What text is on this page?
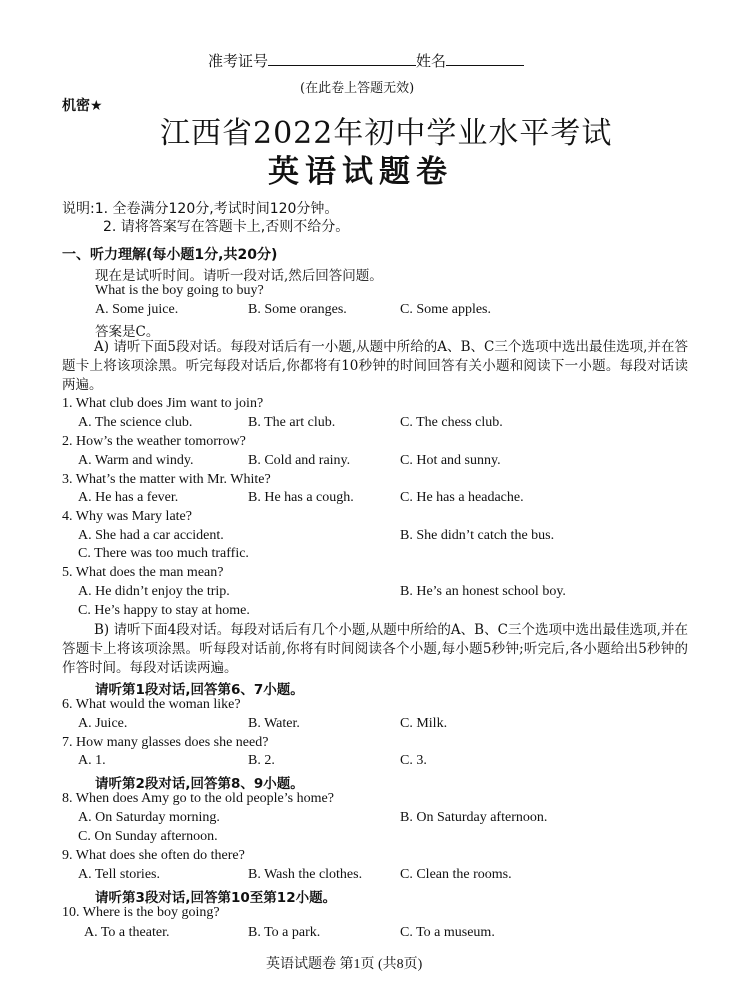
准考证号	姓名
(在此卷上答题无效)
机密★
江西省2022年初中学业水平考试
英语试题卷
说明:1. 全卷满分120分,考试时间120分钟。
2. 请将答案写在答题卡上,否则不给分。
一、听力理解(每小题1分,共20分)
现在是试听时间。请听一段对话,然后回答问题。
What is the boy going to buy?
A. Some juice.	B. Some oranges.	C. Some apples.
答案是C。
A) 请听下面5段对话。每段对话后有一小题,从题中所给的A、B、C三个选项中选出最佳选项,并在答题卡上将该项涂黑。听完每段对话后,你都将有10秒钟的时间回答有关小题和阅读下一小题。每段对话读两遍。
1. What club does Jim want to join?
A. The science club.	B. The art club.	C. The chess club.
2. How’s the weather tomorrow?
A. Warm and windy.	B. Cold and rainy.	C. Hot and sunny.
3. What’s the matter with Mr. White?
A. He has a fever.	B. He has a cough.	C. He has a headache.
4. Why was Mary late?
A. She had a car accident.	B. She didn’t catch the bus.
C. There was too much traffic.
5. What does the man mean?
A. He didn’t enjoy the trip.	B. He’s an honest school boy.
C. He’s happy to stay at home.
B) 请听下面4段对话。每段对话后有几个小题,从题中所给的A、B、C三个选项中选出最佳选项,并在答题卡上将该项涂黑。听每段对话前,你将有时间阅读各个小题,每小题5秒钟;听完后,各小题给出5秒钟的作答时间。每段对话读两遍。
请听第1段对话,回答第6、7小题。
6. What would the woman like?
A. Juice.	B. Water.	C. Milk.
7. How many glasses does she need?
A. 1.	B. 2.	C. 3.
请听第2段对话,回答第8、9小题。
8. When does Amy go to the old people’s home?
A. On Saturday morning.	B. On Saturday afternoon.
C. On Sunday afternoon.
9. What does she often do there?
A. Tell stories.	B. Wash the clothes.	C. Clean the rooms.
请听第3段对话,回答第10至第12小题。
10. Where is the boy going?
A. To a theater.	B. To a park.	C. To a museum.
英语试题卷 第1页 (共8页)
